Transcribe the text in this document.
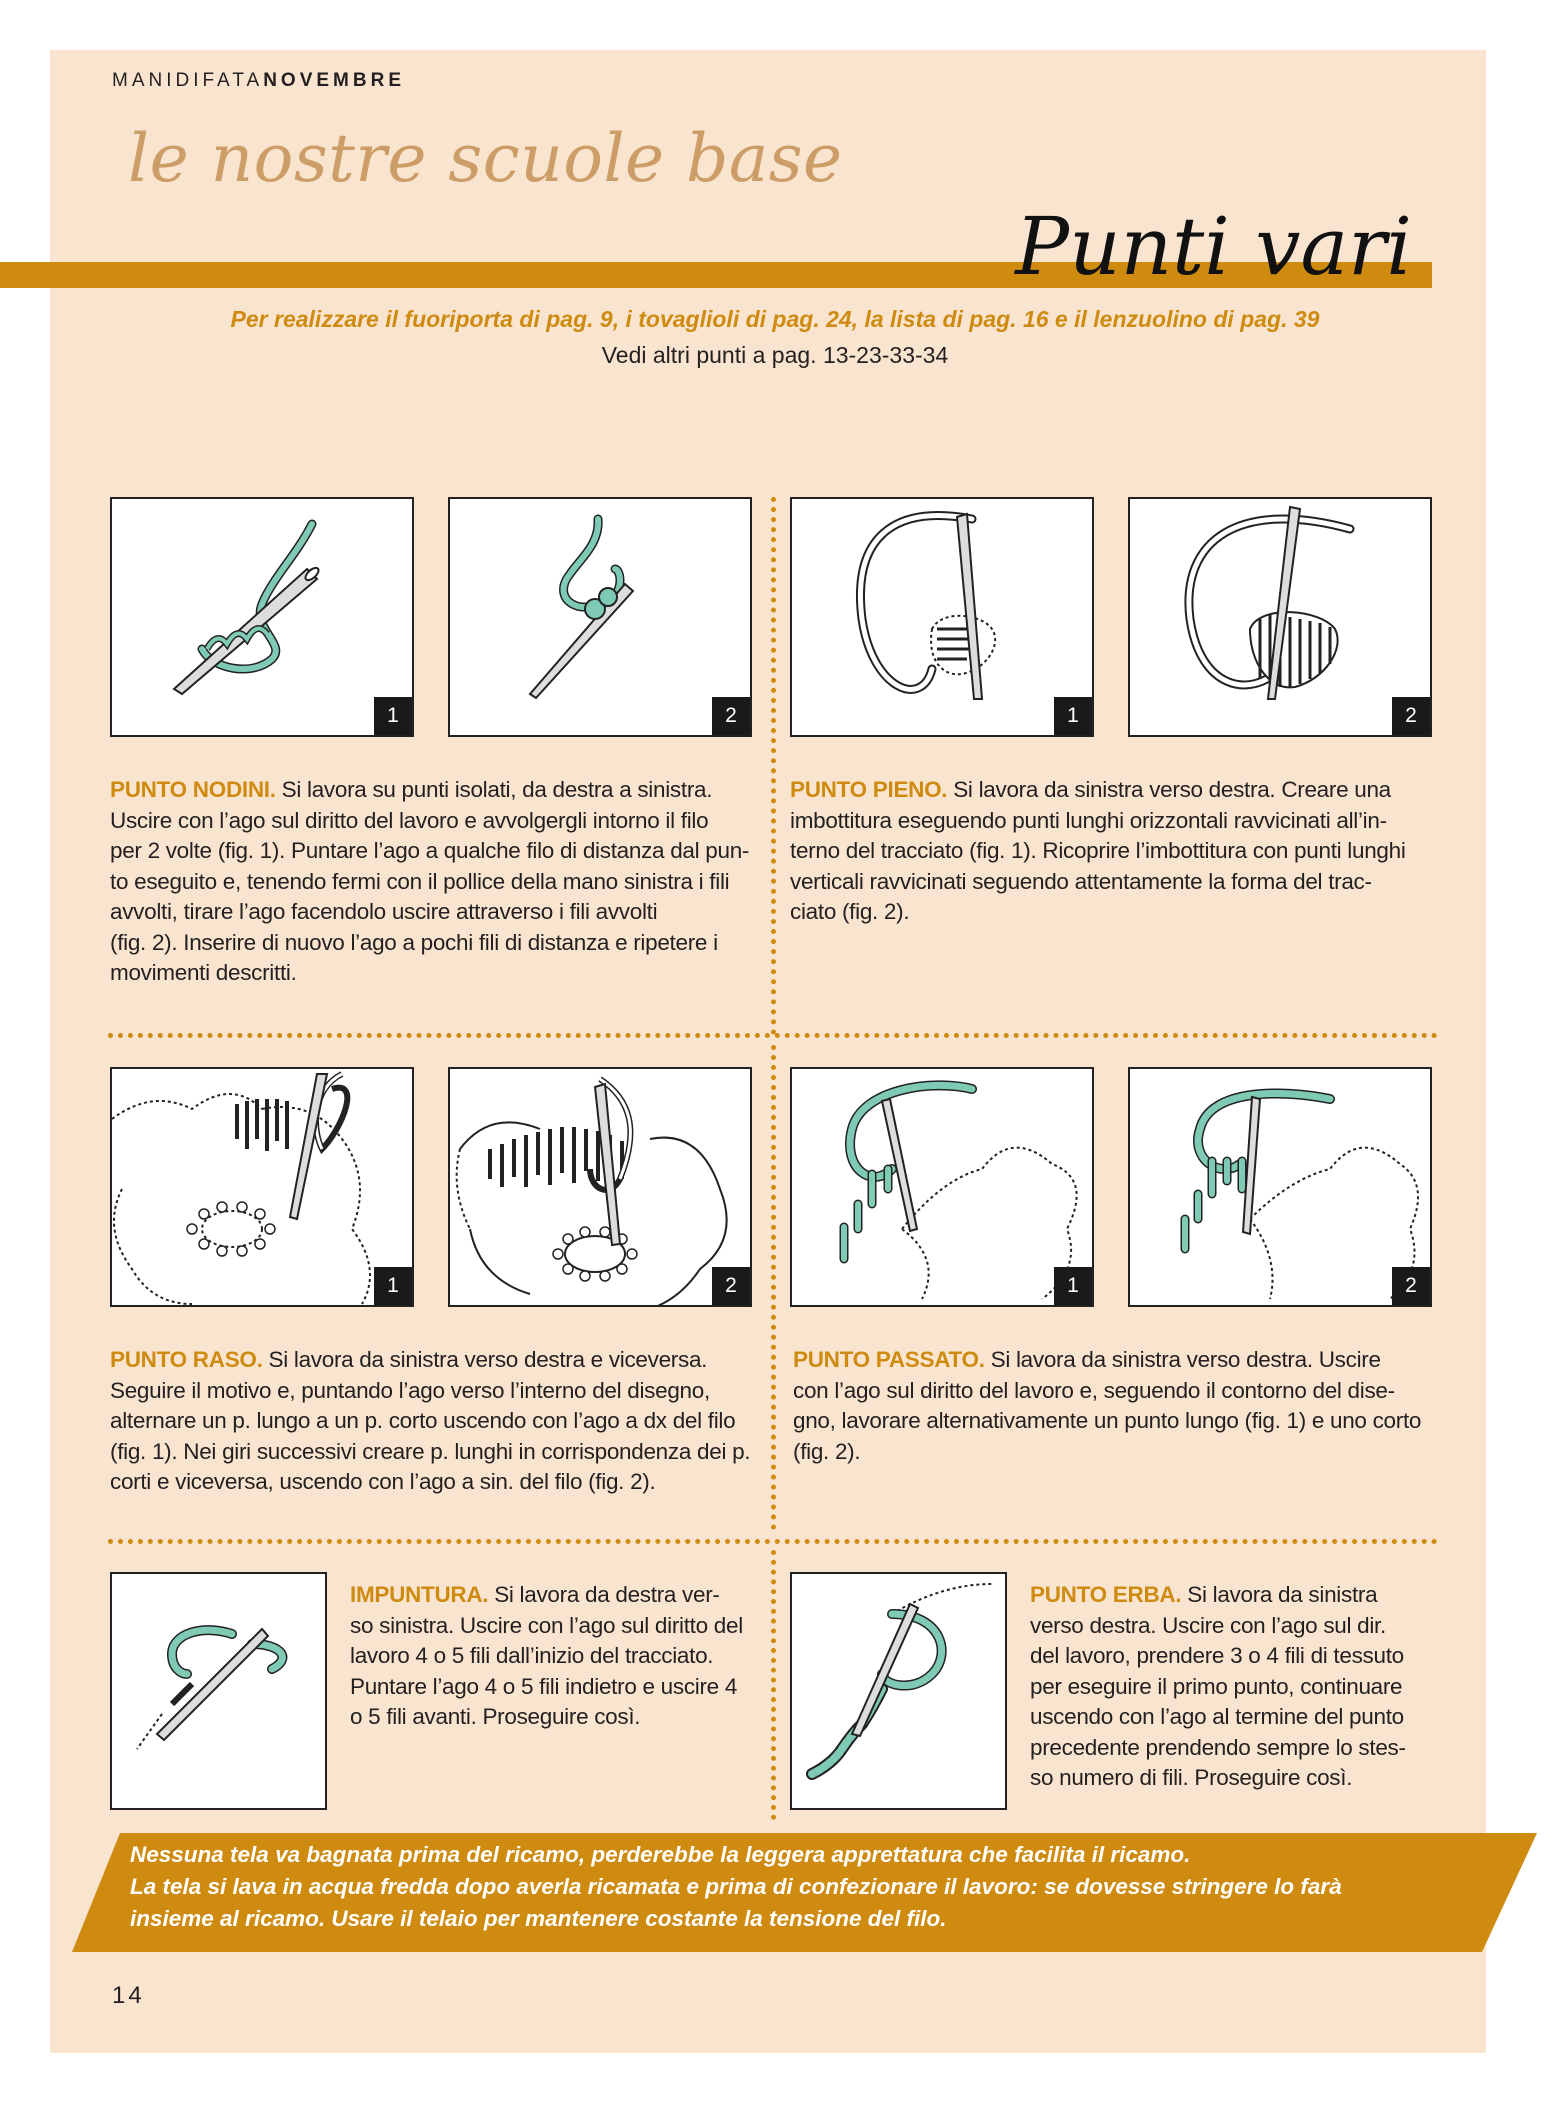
MANIDIFATANOVEMBRE
le nostre scuole base
Punti vari
Per realizzare il fuoriporta di pag. 9, i tovaglioli di pag. 24, la lista di pag. 16 e il lenzuolino di pag. 39
Vedi altri punti a pag. 13-23-33-34
1	2	1	2
PUNTO NODINI. Si lavora su punti isolati, da destra a sinistra.
Uscire con l’ago sul diritto del lavoro e avvolgergli intorno il filo
per 2 volte (fig. 1). Puntare l’ago a qualche filo di distanza dal pun-
to eseguito e, tenendo fermi con il pollice della mano sinistra i fili
avvolti, tirare l’ago facendolo uscire attraverso i fili avvolti
(fig. 2). Inserire di nuovo l’ago a pochi fili di distanza e ripetere i
movimenti descritti.
PUNTO PIENO. Si lavora da sinistra verso destra. Creare una
imbottitura eseguendo punti lunghi orizzontali ravvicinati all’in-
terno del tracciato (fig. 1). Ricoprire l’imbottitura con punti lunghi
verticali ravvicinati seguendo attentamente la forma del trac-
ciato (fig. 2).
1	2	1	2
PUNTO RASO. Si lavora da sinistra verso destra e viceversa.
Seguire il motivo e, puntando l’ago verso l’interno del disegno,
alternare un p. lungo a un p. corto uscendo con l’ago a dx del filo
(fig. 1). Nei giri successivi creare p. lunghi in corrispondenza dei p.
corti e viceversa, uscendo con l’ago a sin. del filo (fig. 2).
PUNTO PASSATO. Si lavora da sinistra verso destra. Uscire
con l’ago sul diritto del lavoro e, seguendo il contorno del dise-
gno, lavorare alternativamente un punto lungo (fig. 1) e uno corto
(fig. 2).
IMPUNTURA. Si lavora da destra ver-
so sinistra. Uscire con l’ago sul diritto del
lavoro 4 o 5 fili dall’inizio del tracciato.
Puntare l’ago 4 o 5 fili indietro e uscire 4
o 5 fili avanti. Proseguire così.
PUNTO ERBA. Si lavora da sinistra
verso destra. Uscire con l’ago sul dir.
del lavoro, prendere 3 o 4 fili di tessuto
per eseguire il primo punto, continuare
uscendo con l’ago al termine del punto
precedente prendendo sempre lo stes-
so numero di fili. Proseguire così.
Nessuna tela va bagnata prima del ricamo, perderebbe la leggera apprettatura che facilita il ricamo.
La tela si lava in acqua fredda dopo averla ricamata e prima di confezionare il lavoro: se dovesse stringere lo farà
insieme al ricamo. Usare il telaio per mantenere costante la tensione del filo.
14
